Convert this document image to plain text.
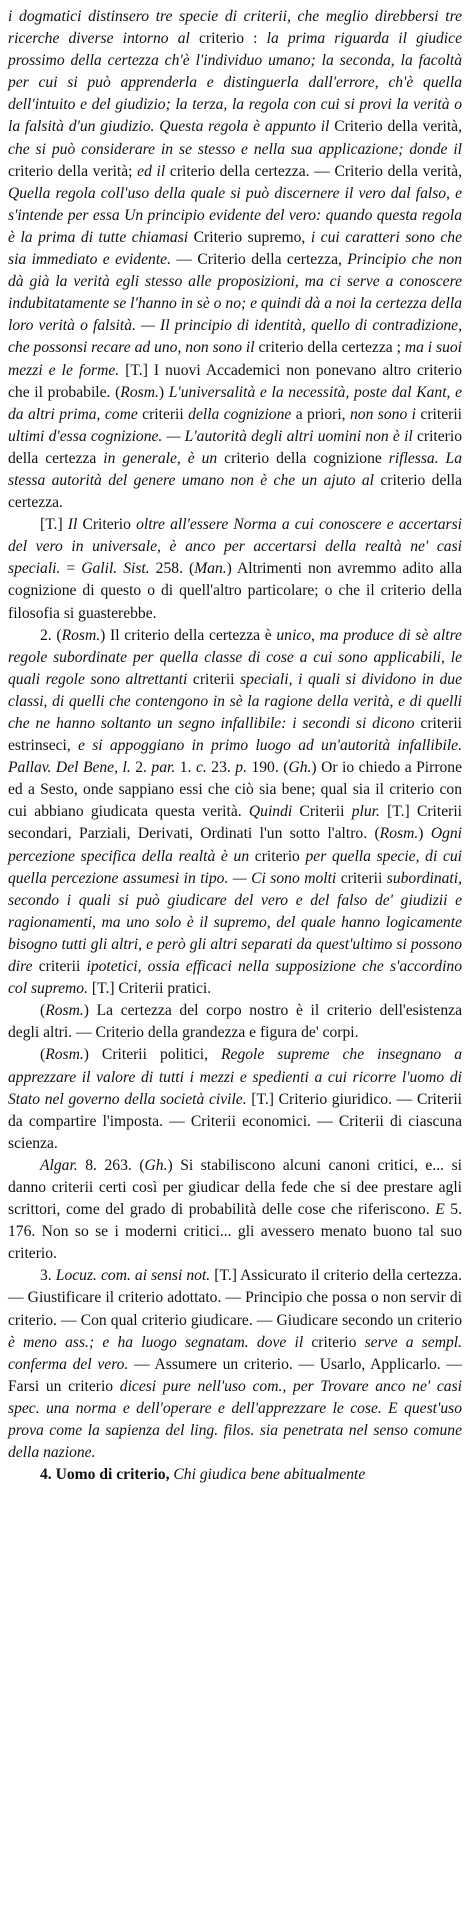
i dogmatici distinsero tre specie di criterii, che meglio direbbersi tre ricerche diverse intorno al criterio : la prima riguarda il giudice prossimo della certezza ch'è l'individuo umano; la seconda, la facoltà per cui si può apprenderla e distinguerla dall'errore, ch'è quella dell'intuito e del giudizio; la terza, la regola con cui si provi la verità o la falsità d'un giudizio. Questa regola è appunto il Criterio della verità, che si può considerare in se stesso e nella sua applicazione; donde il criterio della verità; ed il criterio della certezza. — Criterio della verità, Quella regola coll'uso della quale si può discernere il vero dal falso, e s'intende per essa Un principio evidente del vero: quando questa regola è la prima di tutte chiamasi Criterio supremo, i cui caratteri sono che sia immediato e evidente. — Criterio della certezza, Principio che non dà già la verità egli stesso alle proposizioni, ma ci serve a conoscere indubitatamente se l'hanno in sè o no; e quindi dà a noi la certezza della loro verità o falsità. — Il principio di identità, quello di contradizione, che possonsi recare ad uno, non sono il criterio della certezza ; ma i suoi mezzi e le forme. [T.] I nuovi Accademici non ponevano altro criterio che il probabile. (Rosm.) L'universalità e la necessità, poste dal Kant, e da altri prima, come criterii della cognizione a priori, non sono i criterii ultimi d'essa cognizione. — L'autorità degli altri uomini non è il criterio della certezza in generale, è un criterio della cognizione riflessa. La stessa autorità del genere umano non è che un ajuto al criterio della certezza.

[T.] Il Criterio oltre all'essere Norma a cui conoscere e accertarsi del vero in universale, è anco per accertarsi della realtà ne' casi speciali. = Galil. Sist. 258. (Man.) Altrimenti non avremmo adito alla cognizione di questo o di quell'altro particolare; o che il criterio della filosofia si guasterebbe.

2. (Rosm.) Il criterio della certezza è unico, ma produce di sè altre regole subordinate per quella classe di cose a cui sono applicabili, le quali regole sono altrettanti criterii speciali, i quali si dividono in due classi, di quelli che contengono in sè la ragione della verità, e di quelli che ne hanno soltanto un segno infallibile: i secondi si dicono criterii estrinseci, e si appoggiano in primo luogo ad un'autorità infallibile. Pallav. Del Bene, l. 2. par. 1. c. 23. p. 190. (Gh.) Or io chiedo a Pirrone ed a Sesto, onde sappiano essi che ciò sia bene; qual sia il criterio con cui abbiano giudicata questa verità. Quindi Criterii plur. [T.] Criterii secondari, Parziali, Derivati, Ordinati l'un sotto l'altro. (Rosm.) Ogni percezione specifica della realtà è un criterio per quella specie, di cui quella percezione assumesi in tipo. — Ci sono molti criterii subordinati, secondo i quali si può giudicare del vero e del falso de' giudizii e ragionamenti, ma uno solo è il supremo, del quale hanno logicamente bisogno tutti gli altri, e però gli altri separati da quest'ultimo si possono dire criterii ipotetici, ossia efficaci nella supposizione che s'accordino col supremo. [T.] Criterii pratici.

(Rosm.) La certezza del corpo nostro è il criterio dell'esistenza degli altri. — Criterio della grandezza e figura de' corpi.

(Rosm.) Criterii politici, Regole supreme che insegnano a apprezzare il valore di tutti i mezzi e spedienti a cui ricorre l'uomo di Stato nel governo della società civile. [T.] Criterio giuridico. — Criterii da compartire l'imposta. — Criterii economici. — Criterii di ciascuna scienza.

Algar. 8. 263. (Gh.) Si stabiliscono alcuni canoni critici, e... si danno criterii certi così per giudicar della fede che si dee prestare agli scrittori, come del grado di probabilità delle cose che riferiscono. E 5. 176. Non so se i moderni critici... gli avessero menato buono tal suo criterio.

3. Locuz. com. ai sensi not. [T.] Assicurato il criterio della certezza. — Giustificare il criterio adottato. — Principio che possa o non servir di criterio. — Con qual criterio giudicare. — Giudicare secondo un criterio è meno ass.; e ha luogo segnatam. dove il criterio serve a sempl. conferma del vero. — Assumere un criterio. — Usarlo, Applicarlo. — Farsi un criterio dicesi pure nell'uso com., per Trovare anco ne' casi spec. una norma e dell'operare e dell'apprezzare le cose. E quest'uso prova come la sapienza del ling. filos. sia penetrata nel senso comune della nazione.

4. Uomo di criterio, Chi giudica bene abitualmente
